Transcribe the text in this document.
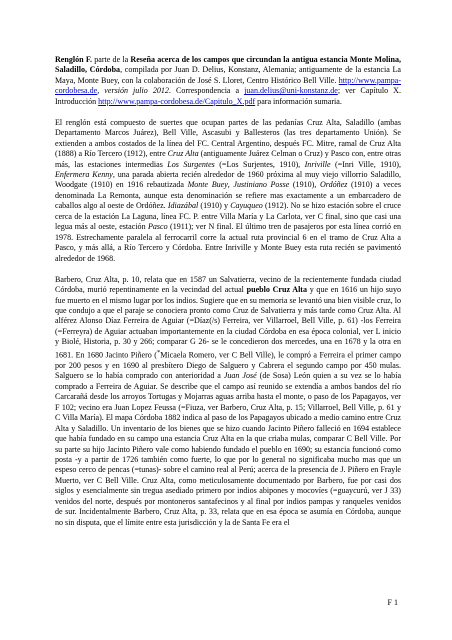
Renglón F. parte de la Reseña acerca de los campos que circundan la antigua estancia Monte Molina, Saladillo, Córdoba, compilada por Juan D. Delius, Konstanz, Alemania; antiguamente de la estancia La Maya, Monte Buey, con la colaboración de José S. Lloret, Centro Histórico Bell Ville. http://www.pampa-cordobesa.de, versión julio 2012. Correspondencia a juan.delius@uni-konstanz.de; ver Capítulo X. Introducción http://www.pampa-cordobesa.de/Capitulo_X.pdf para información sumaria.

El renglón está compuesto de suertes que ocupan partes de las pedanías Cruz Alta, Saladillo (ambas Departamento Marcos Juárez), Bell Ville, Ascasubi y Ballesteros (las tres departamento Unión). Se extienden a ambos costados de la línea del FC. Central Argentino, después FC. Mitre, ramal de Cruz Alta (1888) a Río Tercero (1912), entre Cruz Alta (antiguamente Juárez Celman o Cruz) y Pasco con, entre otras más, las estaciones intermedias Los Surgentes (=Los Surjentes, 1910), Inriville (=Inri Ville, 1910), Enfermera Kenny, una parada abierta recién alrededor de 1960 próxima al muy viejo villorrio Saladillo, Woodgate (1910) en 1916 rebautizada Monte Buey, Justiniano Posse (1910), Ordóñez (1910) a veces denominada La Remonta, aunque esta denominación se refiere mas exactamente a un embarcadero de caballos algo al oeste de Ordóñez. Idiazábal (1910) y Cayuqueo (1912). No se hizo estación sobre el cruce cerca de la estación La Laguna, línea FC. P. entre Villa María y La Carlota, ver C final, sino que casi una legua más al oeste, estación Pasco (1911); ver N final. El último tren de pasajeros por esta línea corrió en 1978. Estrechamente paralela al ferrocarril corre la actual ruta provincial 6 en el tramo de Cruz Alta a Pasco, y más allá, a Río Tercero y Córdoba. Entre Inriville y Monte Buey esta ruta recién se pavimentó alrededor de 1968.

Barbero, Cruz Alta, p. 10, relata que en 1587 un Salvatierra, vecino de la recientemente fundada ciudad Córdoba, murió repentinamente en la vecindad del actual pueblo Cruz Alta y que en 1616 un hijo suyo fue muerto en el mismo lugar por los indios. Sugiere que en su memoria se levantó una bien visible cruz, lo que condujo a que el paraje se conociera pronto como Cruz de Salvatierra y más tarde como Cruz Alta. Al alférez Alonso Díaz Ferreira de Aguiar (=Díaz(/s) Ferreira, ver Villarroel, Bell Ville, p. 61) -los Ferreira (=Ferreyra) de Aguiar actuaban importantemente en la ciudad Córdoba en esa época colonial, ver L inicio y Biolé, Historia, p. 30 y 266; comparar G 26- se le concedieron dos mercedes, una en 1678 y la otra en 1681. En 1680 Jacinto Piñero (*Micaela Romero, ver C Bell Ville), le compró a Ferreira el primer campo por 200 pesos y en 1690 al presbítero Diego de Salguero y Cabrera el segundo campo por 450 mulas. Salguero se lo había comprado con anterioridad a Juan José (de Sosa) León quien a su vez se lo había comprado a Ferreira de Aguiar. Se describe que el campo así reunido se extendía a ambos bandos del río Carcarañá desde los arroyos Tortugas y Mojarras aguas arriba hasta el monte, o paso de los Papagayos, ver F 102; vecino era Juan Lopez Feussa (=Fiuza, ver Barbero, Cruz Alta, p. 15; Villarroel, Bell Ville, p. 61 y C Villa María). El mapa Córdoba 1882 indica al paso de los Papagayos ubicado a medio camino entre Cruz Alta y Saladillo. Un inventario de los bienes que se hizo cuando Jacinto Piñero falleció en 1694 establece que había fundado en su campo una estancia Cruz Alta en la que criaba mulas, comparar C Bell Ville. Por su parte su hijo Jacinto Piñero vale como habiendo fundado el pueblo en 1690; su estancia funcionó como posta -y a partir de 1726 también como fuerte, lo que por lo general no significaba mucho mas que un espeso cerco de pencas (=tunas)- sobre el camino real al Perú; acerca de la presencia de J. Piñero en Frayle Muerto, ver C Bell Ville. Cruz Alta, como meticulosamente documentado por Barbero, fue por casi dos siglos y esencialmente sin tregua asediado primero por indios abipones y mocovíes (=guaycurú, ver J 33) venidos del norte, después por montoneros santafecinos y al final por indios pampas y ranqueles venidos de sur. Incidentalmente Barbero, Cruz Alta, p. 33, relata que en esa época se asumía en Córdoba, aunque no sin disputa, que el límite entre esta jurisdicción y la de Santa Fe era el

F 1
